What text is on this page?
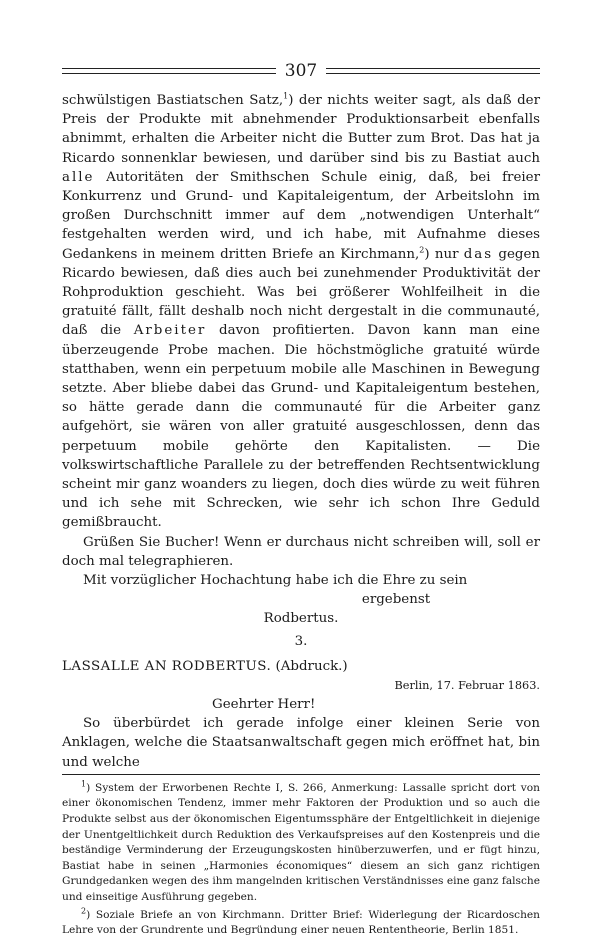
307

schwülstigen Bastiatschen Satz,$^1$) der nichts weiter sagt, als daß der Preis der Produkte mit abnehmender Produktionsarbeit ebenfalls abnimmt, erhalten die Arbeiter nicht die Butter zum Brot. Das hat ja Ricardo sonnenklar bewiesen, und darüber sind bis zu Bastiat auch alle Autoritäten der Smithschen Schule einig, daß, bei freier Konkurrenz und Grund- und Kapitaleigentum, der Arbeitslohn im großen Durchschnitt immer auf dem „notwendigen Unterhalt“ festgehalten werden wird, und ich habe, mit Aufnahme dieses Gedankens in meinem dritten Briefe an Kirchmann,$^2$) nur das gegen Ricardo bewiesen, daß dies auch bei zunehmender Produktivität der Rohproduktion geschieht. Was bei größerer Wohlfeilheit in die gratuité fällt, fällt deshalb noch nicht dergestalt in die communauté, daß die Arbeiter davon profitierten. Davon kann man eine überzeugende Probe machen. Die höchstmögliche gratuité würde statthaben, wenn ein perpetuum mobile alle Maschinen in Bewegung setzte. Aber bliebe dabei das Grund- und Kapitaleigentum bestehen, so hätte gerade dann die communauté für die Arbeiter ganz aufgehört, sie wären von aller gratuité ausgeschlossen, denn das perpetuum mobile gehörte den Kapitalisten. — Die volkswirtschaftliche Parallele zu der betreffenden Rechtsentwicklung scheint mir ganz woanders zu liegen, doch dies würde zu weit führen und ich sehe mit Schrecken, wie sehr ich schon Ihre Geduld gemißbraucht.

Grüßen Sie Bucher! Wenn er durchaus nicht schreiben will, soll er doch mal telegraphieren.

Mit vorzüglicher Hochachtung habe ich die Ehre zu sein

ergebenst

Rodbertus.

3.

LASSALLE AN RODBERTUS. (Abdruck.)

Berlin, 17. Februar 1863.

Geehrter Herr!

So überbürdet ich gerade infolge einer kleinen Serie von Anklagen, welche die Staatsanwaltschaft gegen mich eröffnet hat, bin und welche

$^1$) System der Erworbenen Rechte I, S. 266, Anmerkung: Lassalle spricht dort von einer ökonomischen Tendenz, immer mehr Faktoren der Produktion und so auch die Produkte selbst aus der ökonomischen Eigentumssphäre der Entgeltlichkeit in diejenige der Unentgeltlichkeit durch Reduktion des Verkaufspreises auf den Kostenpreis und die beständige Verminderung der Erzeugungskosten hinüberzuwerfen, und er fügt hinzu, Bastiat habe in seinen „Harmonies économiques“ diesem an sich ganz richtigen Grundgedanken wegen des ihm mangelnden kritischen Verständnisses eine ganz falsche und einseitige Ausführung gegeben.

$^2$) Soziale Briefe an von Kirchmann. Dritter Brief: Widerlegung der Ricardoschen Lehre von der Grundrente und Begründung einer neuen Rententheorie, Berlin 1851.
